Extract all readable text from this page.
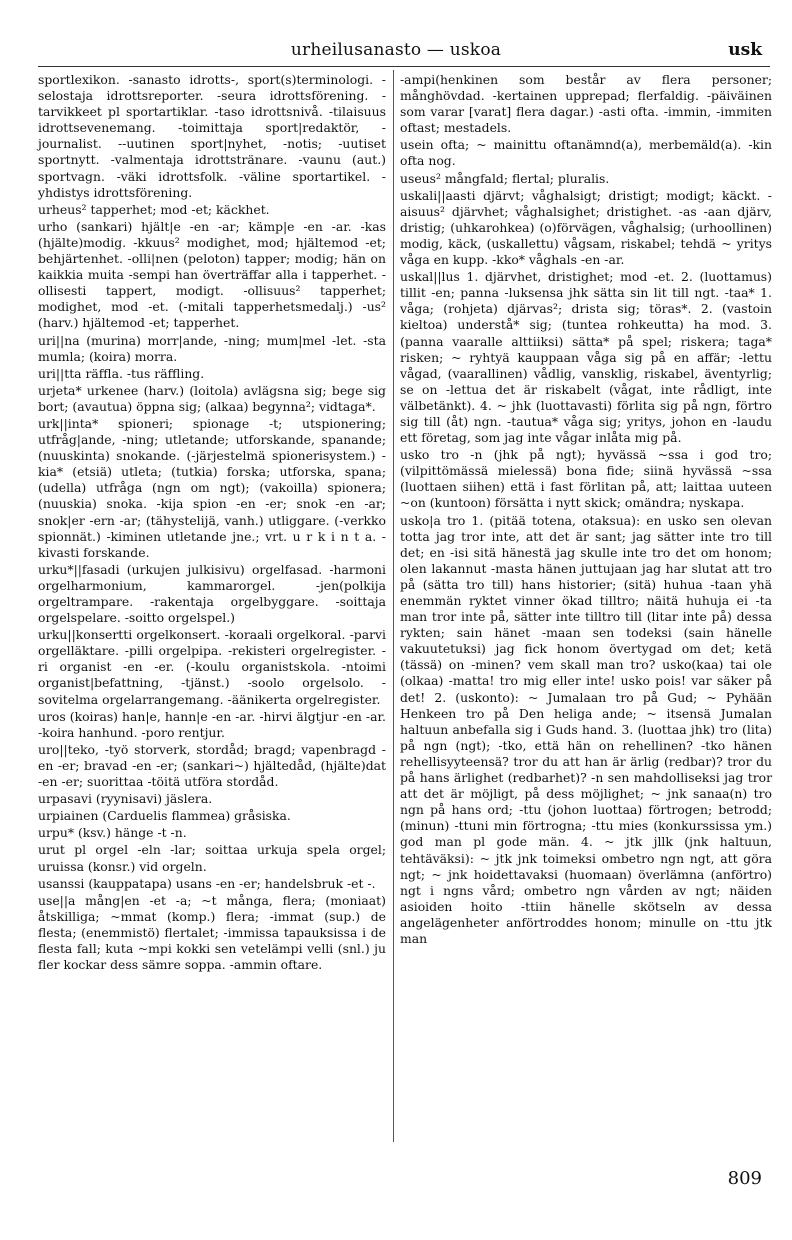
urheilusanasto — uskoa	usk

sportlexikon. -sanasto idrotts-, sport(s)terminologi. -selostaja idrottsreporter. -seura idrottsförening. -tarvikkeet pl sportartiklar. -taso idrottsnivå. -tilaisuus idrottsevenemang. -toimittaja sport|redaktör, -journalist. --uutinen sport|nyhet, -notis; -uutiset sportnytt. -valmentaja idrottstränare. -vaunu (aut.) sportvagn. -väki idrottsfolk. -väline sportartikel. -yhdistys idrottsförening.

urheus² tapperhet; mod -et; käckhet.

urho (sankari) hjält|e -en -ar; kämp|e -en -ar. -kas (hjälte)modig. -kkuus² modighet, mod; hjältemod -et; behjärtenhet. -olli|nen (peloton) tapper; modig; hän on kaikkia muita -sempi han överträffar alla i tapperhet. -ollisesti tappert, modigt. -ollisuus² tapperhet; modighet, mod -et. (-mitali tapperhetsmedalj.) -us² (harv.) hjältemod -et; tapperhet.

uri||na (murina) morr|ande, -ning; mum|mel -let. -sta mumla; (koira) morra.

uri||tta räffla. -tus räffling.

urjeta* urkenee (harv.) (loitola) avlägsna sig; bege sig bort; (avautua) öppna sig; (alkaa) begynna²; vidtaga*.

urk||inta* spioneri; spionage -t; utspionering; utfråg|ande, -ning; utletande; utforskande, spanande; (nuuskinta) snokande. (-järjestelmä spionerisystem.) -kia* (etsiä) utleta; (tutkia) forska; utforska, spana; (udella) utfråga (ngn om ngt); (vakoilla) spionera; (nuuskia) snoka. -kija spion -en -er; snok -en -ar; snok|er -ern -ar; (tähystelijä, vanh.) utliggare. (-verkko spionnät.) -kiminen utletande jne.; vrt. u r k i n t a. -kivasti forskande.

urku*||fasadi (urkujen julkisivu) orgelfasad. -harmoni orgelharmonium, kammarorgel. -jen(polkija orgeltrampare. -rakentaja orgelbyggare. -soittaja orgelspelare. -soitto orgelspel.)

urku||konsertti orgelkonsert. -koraali orgelkoral. -parvi orgelläktare. -pilli orgelpipa. -rekisteri orgelregister. -ri organist -en -er. (-koulu organistskola. -ntoimi organist|befattning, -tjänst.) -soolo orgelsolo. -sovitelma orgelarrangemang. -äänikerta orgelregister.

uros (koiras) han|e, hann|e -en -ar. -hirvi älgtjur -en -ar. -koira hanhund. -poro rentjur.

uro||teko, -työ storverk, stordåd; bragd; vapenbragd -en -er; bravad -en -er; (sankari~) hjältedåd, (hjälte)dat -en -er; suorittaa -töitä utföra stordåd.

urpasavi (ryynisavi) jäslera.

urpiainen (Carduelis flammea) gråsiska.

urpu* (ksv.) hänge -t -n.

urut pl orgel -eln -lar; soittaa urkuja spela orgel; uruissa (konsr.) vid orgeln.

usanssi (kauppatapa) usans -en -er; handelsbruk -et -.

use||a mång|en -et -a; ~t många, flera; (moniaat) åtskilliga; ~mmat (komp.) flera; -immat (sup.) de flesta; (enemmistö) flertalet; -immissa tapauksissa i de flesta fall; kuta ~mpi kokki sen vetelämpi velli (snl.) ju fler kockar dess sämre soppa. -ammin oftare.

-ampi(henkinen som består av flera personer; månghövdad. -kertainen upprepad; flerfaldig. -päiväinen som varar [varat] flera dagar.) -asti ofta. -immin, -immiten oftast; mestadels.

usein ofta; ~ mainittu oftanämnd(a), merbemäld(a). -kin ofta nog.

useus² mångfald; flertal; pluralis.

uskali||aasti djärvt; våghalsigt; dristigt; modigt; käckt. -aisuus² djärvhet; våghalsighet; dristighet. -as -aan djärv, dristig; (uhkarohkea) (o)förvägen, våghalsig; (urhoollinen) modig, käck, (uskallettu) vågsam, riskabel; tehdä ~ yritys våga en kupp. -kko* våghals -en -ar.

uskal||lus 1. djärvhet, dristighet; mod -et. 2. (luottamus) tillit -en; panna -luksensa jhk sätta sin lit till ngt. -taa* 1. våga; (rohjeta) djärvas²; drista sig; töras*. 2. (vastoin kieltoa) understå* sig; (tuntea rohkeutta) ha mod. 3. (panna vaaralle alttiiksi) sätta* på spel; riskera; taga* risken; ~ ryhtyä kauppaan våga sig på en affär; -lettu vågad, (vaarallinen) vådlig, vansklig, riskabel, äventyrlig; se on -lettua det är riskabelt (vågat, inte rådligt, inte välbetänkt). 4. ~ jhk (luottavasti) förlita sig på ngn, förtro sig till (åt) ngn. -tautua* våga sig; yritys, johon en -laudu ett företag, som jag inte vågar inlåta mig på.

usko tro -n (jhk på ngt); hyvässä ~ssa i god tro; (vilpittömässä mielessä) bona fide; siinä hyvässä ~ssa (luottaen siihen) että i fast förlitan på, att; laittaa uuteen ~on (kuntoon) försätta i nytt skick; omändra; nyskapa.

usko|a tro 1. (pitää totena, otaksua): en usko sen olevan totta jag tror inte, att det är sant; jag sätter inte tro till det; en -isi sitä hänestä jag skulle inte tro det om honom; olen lakannut -masta hänen juttujaan jag har slutat att tro på (sätta tro till) hans historier; (sitä) huhua -taan yhä enemmän ryktet vinner ökad tilltro; näitä huhuja ei -ta man tror inte på, sätter inte tilltro till (litar inte på) dessa rykten; sain hänet -maan sen todeksi (sain hänelle vakuutetuksi) jag fick honom övertygad om det; ketä (tässä) on -minen? vem skall man tro? usko(kaa) tai ole (olkaa) -matta! tro mig eller inte! usko pois! var säker på det! 2. (uskonto): ~ Jumalaan tro på Gud; ~ Pyhään Henkeen tro på Den heliga ande; ~ itsensä Jumalan haltuun anbefalla sig i Guds hand. 3. (luottaa jhk) tro (lita) på ngn (ngt); -tko, että hän on rehellinen? -tko hänen rehellisyyteensä? tror du att han är ärlig (redbar)? tror du på hans ärlighet (redbarhet)? -n sen mahdolliseksi jag tror att det är möjligt, på dess möjlighet; ~ jnk sanaa(n) tro ngn på hans ord; -ttu (johon luottaa) förtrogen; betrodd; (minun) -ttuni min förtrogna; -ttu mies (konkurssissa ym.) god man pl gode män. 4. ~ jtk jllk (jnk haltuun, tehtäväksi): ~ jtk jnk toimeksi ombetro ngn ngt, att göra ngt; ~ jnk hoidettavaksi (huomaan) överlämna (anförtro) ngt i ngns vård; ombetro ngn vården av ngt; näiden asioiden hoito -ttiin hänelle skötseln av dessa angelägenheter anförtroddes honom; minulle on -ttu jtk man

809
